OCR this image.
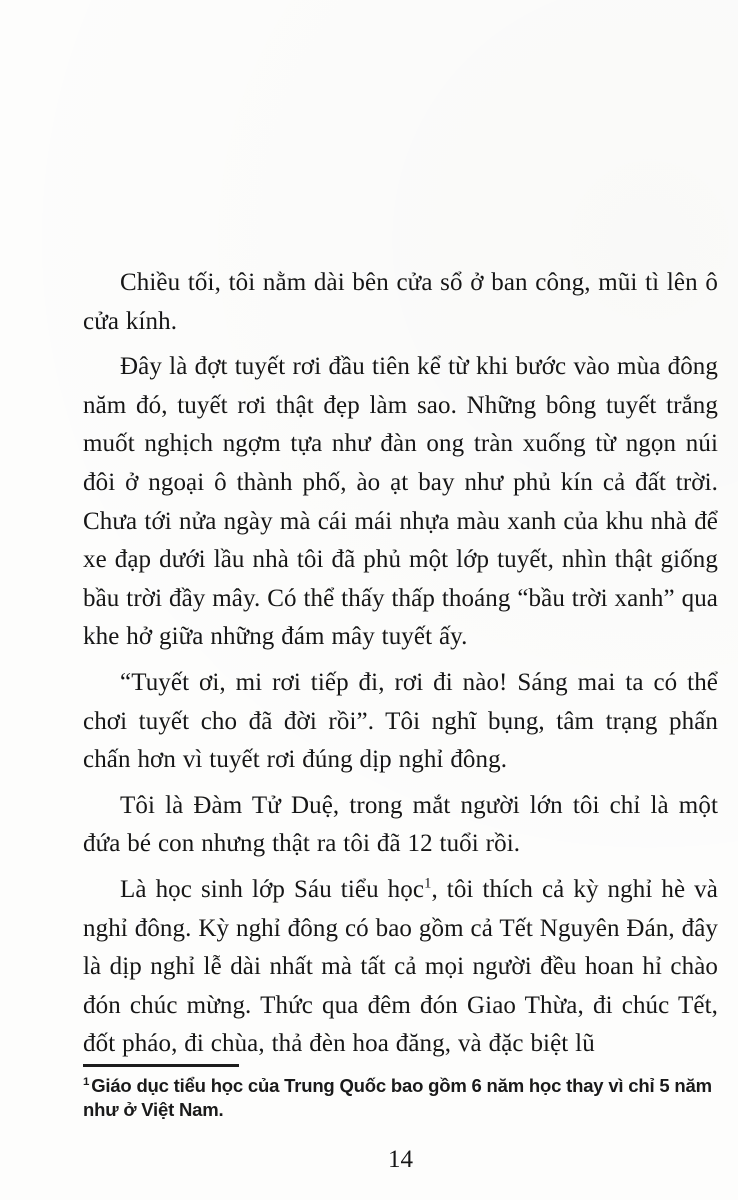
Chiều tối, tôi nằm dài bên cửa sổ ở ban công, mũi tì lên ô cửa kính.

Đây là đợt tuyết rơi đầu tiên kể từ khi bước vào mùa đông năm đó, tuyết rơi thật đẹp làm sao. Những bông tuyết trắng muốt nghịch ngợm tựa như đàn ong tràn xuống từ ngọn núi đôi ở ngoại ô thành phố, ào ạt bay như phủ kín cả đất trời. Chưa tới nửa ngày mà cái mái nhựa màu xanh của khu nhà để xe đạp dưới lầu nhà tôi đã phủ một lớp tuyết, nhìn thật giống bầu trời đầy mây. Có thể thấy thấp thoáng “bầu trời xanh” qua khe hở giữa những đám mây tuyết ấy.

“Tuyết ơi, mi rơi tiếp đi, rơi đi nào! Sáng mai ta có thể chơi tuyết cho đã đời rồi”. Tôi nghĩ bụng, tâm trạng phấn chấn hơn vì tuyết rơi đúng dịp nghỉ đông.

Tôi là Đàm Tử Duệ, trong mắt người lớn tôi chỉ là một đứa bé con nhưng thật ra tôi đã 12 tuổi rồi.

Là học sinh lớp Sáu tiểu học$^1$, tôi thích cả kỳ nghỉ hè và nghỉ đông. Kỳ nghỉ đông có bao gồm cả Tết Nguyên Đán, đây là dịp nghỉ lễ dài nhất mà tất cả mọi người đều hoan hỉ chào đón chúc mừng. Thức qua đêm đón Giao Thừa, đi chúc Tết, đốt pháo, đi chùa, thả đèn hoa đăng, và đặc biệt lũ

$^1$ Giáo dục tiểu học của Trung Quốc bao gồm 6 năm học thay vì chỉ 5 năm như ở Việt Nam.

14
